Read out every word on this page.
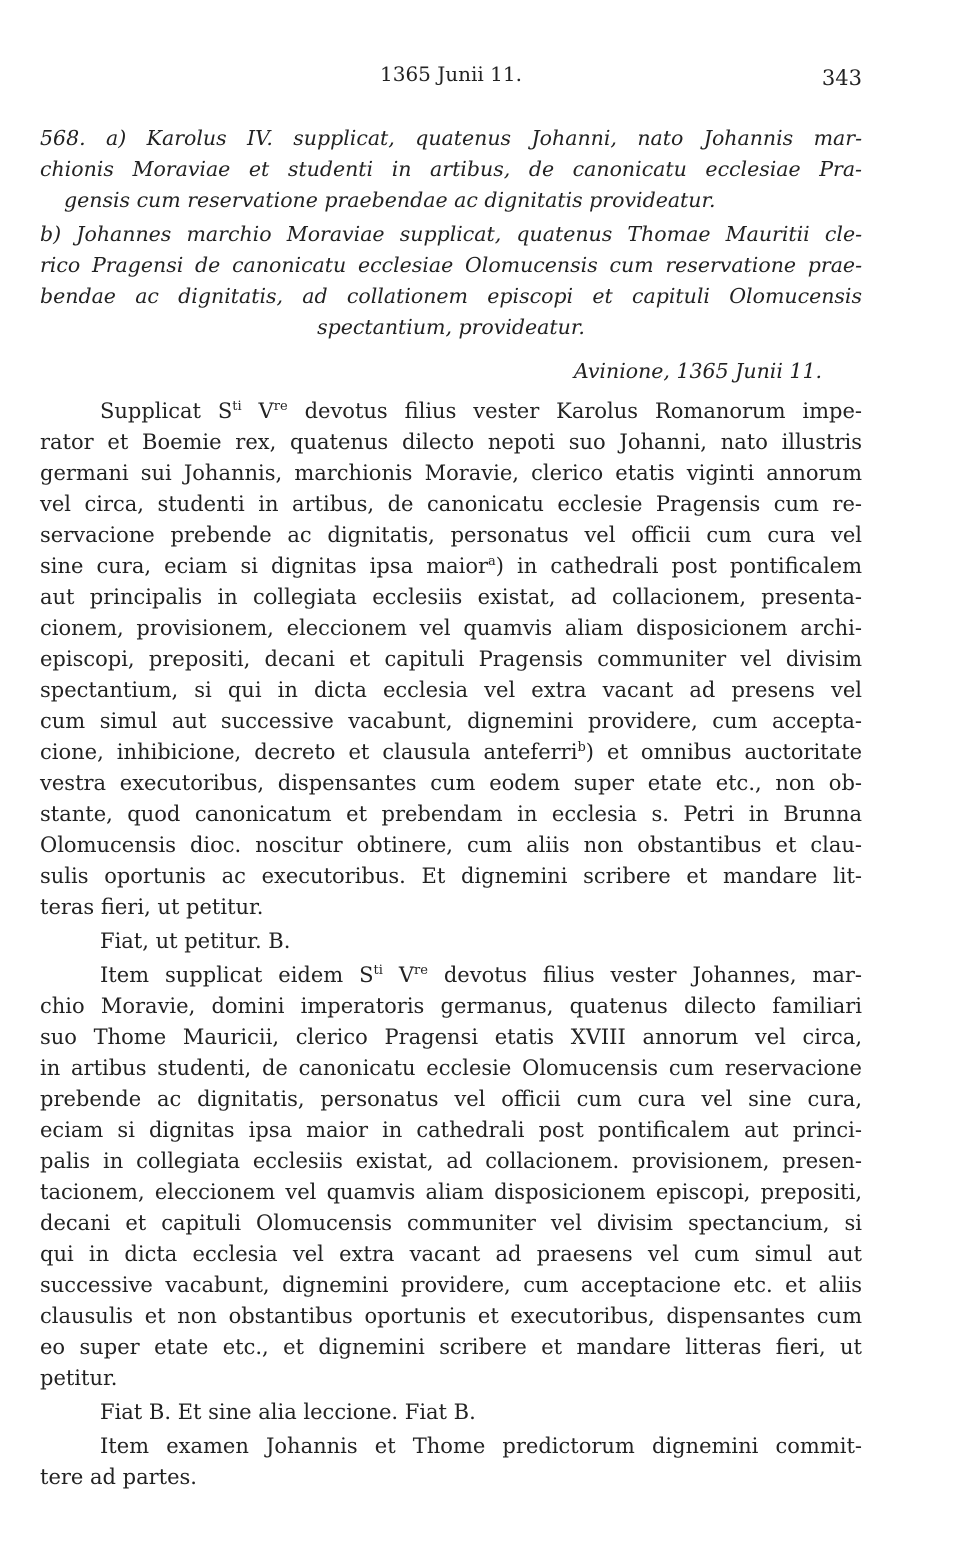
1365 Junii 11.	343
568. a) Karolus IV. supplicat, quatenus Johanni, nato Johannis mar-
chionis Moraviae et studenti in artibus, de canonicatu ecclesiae Pra-
gensis cum reservatione praebendae ac dignitatis provideatur.
b) Johannes marchio Moraviae supplicat, quatenus Thomae Mauritii cle-
rico Pragensi de canonicatu ecclesiae Olomucensis cum reservatione prae-
bendae ac dignitatis, ad collationem episcopi et capituli Olomucensis
spectantium, provideatur.
Avinione, 1365 Junii 11.
Supplicat $S^{ti}$ Vre devotus filius vester Karolus Romanorum impe-
rator et Boemie rex, quatenus dilecto nepoti suo Johanni, nato illustris
germani sui Johannis, marchionis Moravie, clerico etatis viginti annorum
vel circa, studenti in artibus, de canonicatu ecclesie Pragensis cum re-
servacione prebende ac dignitatis, personatus vel officii cum cura vel
sine cura, eciam si dignitas ipsa maior$^a$) in cathedrali post pontificalem
aut principalis in collegiata ecclesiis existat, ad collacionem, presenta-
cionem, provisionem, eleccionem vel quamvis aliam disposicionem archi-
episcopi, prepositi, decani et capituli Pragensis communiter vel divisim
spectantium, si qui in dicta ecclesia vel extra vacant ad presens vel
cum simul aut successive vacabunt, dignemini providere, cum accepta-
cione, inhibicione, decreto et clausula anteferri$^b$) et omnibus auctoritate
vestra executoribus, dispensantes cum eodem super etate etc., non ob-
stante, quod canonicatum et prebendam in ecclesia s. Petri in Brunna
Olomucensis dioc. noscitur obtinere, cum aliis non obstantibus et clau-
sulis oportunis ac executoribus. Et dignemini scribere et mandare lit-
teras fieri, ut petitur.
Fiat, ut petitur. B.
Item supplicat eidem $S^{ti}$ Vre devotus filius vester Johannes, mar-
chio Moravie, domini imperatoris germanus, quatenus dilecto familiari
suo Thome Mauricii, clerico Pragensi etatis XVIII annorum vel circa,
in artibus studenti, de canonicatu ecclesie Olomucensis cum reservacione
prebende ac dignitatis, personatus vel officii cum cura vel sine cura,
eciam si dignitas ipsa maior in cathedrali post pontificalem aut princi-
palis in collegiata ecclesiis existat, ad collacionem. provisionem, presen-
tacionem, eleccionem vel quamvis aliam disposicionem episcopi, prepositi,
decani et capituli Olomucensis communiter vel divisim spectancium, si
qui in dicta ecclesia vel extra vacant ad praesens vel cum simul aut
successive vacabunt, dignemini providere, cum acceptacione etc. et aliis
clausulis et non obstantibus oportunis et executoribus, dispensantes cum
eo super etate etc., et dignemini scribere et mandare litteras fieri, ut
petitur.
Fiat B. Et sine alia leccione. Fiat B.
Item examen Johannis et Thome predictorum dignemini commit-
tere ad partes.
